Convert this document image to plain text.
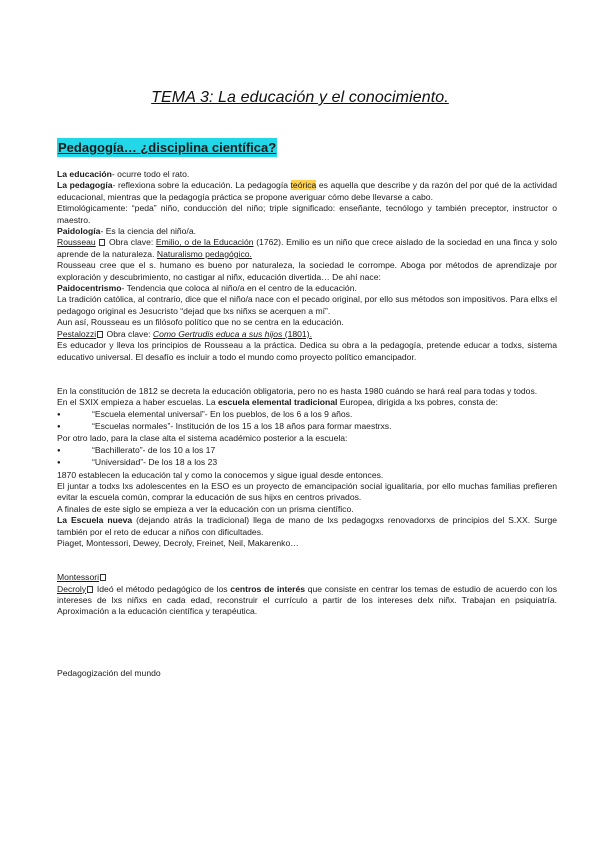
TEMA 3: La educación y el conocimiento.
Pedagogía… ¿disciplina científica?

La educación- ocurre todo el rato.

La pedagogía- reflexiona sobre la educación. La pedagogía teórica es aquella que describe y da razón del por qué de la actividad educacional, mientras que la pedagogía práctica se propone averiguar cómo debe llevarse a cabo.

Etimológicamente: “peda” niño, conducción del niño; triple significado: enseñante, tecnólogo y también preceptor, instructor o maestro.

Paidología- Es la ciencia del niño/a.

Rousseau  Obra clave: Emilio, o de la Educación (1762). Emilio es un niño que crece aislado de la sociedad en una finca y solo aprende de la naturaleza. Naturalismo pedagógico.

Rousseau cree que el s. humano es bueno por naturaleza, la sociedad le corrompe. Aboga por métodos de aprendizaje por exploración y descubrimiento, no castigar al niñx, educación divertida… De ahí nace:

Paidocentrismo- Tendencia que coloca al niño/a en el centro de la educación.

La tradición católica, al contrario, dice que el niño/a nace con el pecado original, por ello sus métodos son impositivos. Para ellxs el pedagogo original es Jesucristo “dejad que lxs niñxs se acerquen a mí”.

Aun así, Rousseau es un filósofo político que no se centra en la educación.

Pestalozzi Obra clave: Como Gertrudis educa a sus hijos (1801).

Es educador y lleva los principios de Rousseau a la práctica. Dedica su obra a la pedagogía, pretende educar a todxs, sistema educativo universal. El desafío es incluir a todo el mundo como proyecto político emancipador.

En la constitución de 1812 se decreta la educación obligatoria, pero no es hasta 1980 cuándo se hará real para todas y todos.

En el SXIX empieza a haber escuelas. La escuela elemental tradicional Europea, dirigida a lxs pobres, consta de:

●
“Escuela elemental universal”- En los pueblos, de los 6 a los 9 años.
●
“Escuelas normales”- Institución de los 15 a los 18 años para formar maestrxs.

Por otro lado, para la clase alta el sistema académico posterior a la escuela:

●
“Bachillerato”- de los 10 a los 17
●
“Universidad”- De los 18 a los 23

1870 establecen la educación tal y como la conocemos y sigue igual desde entonces.

El juntar a todxs lxs adolescentes en la ESO es un proyecto de emancipación social igualitaria, por ello muchas familias prefieren evitar la escuela común, comprar la educación de sus hijxs en centros privados.

A finales de este siglo se empieza a ver la educación con un prisma científico.

La Escuela nueva (dejando atrás la tradicional) llega de mano de lxs pedagogxs renovadorxs de principios del S.XX. Surge también por el reto de educar a niños con dificultades.

Piaget, Montessori, Dewey, Decroly, Freinet, Neil, Makarenko…

Montessori

Decroly Ideó el método pedagógico de los centros de interés que consiste en centrar los temas de estudio de acuerdo con los intereses de lxs niñxs en cada edad, reconstruir el currículo a partir de los intereses delx niñx. Trabajan en psiquiatría. Aproximación a la educación científica y terapéutica.

Pedagogización del mundo
